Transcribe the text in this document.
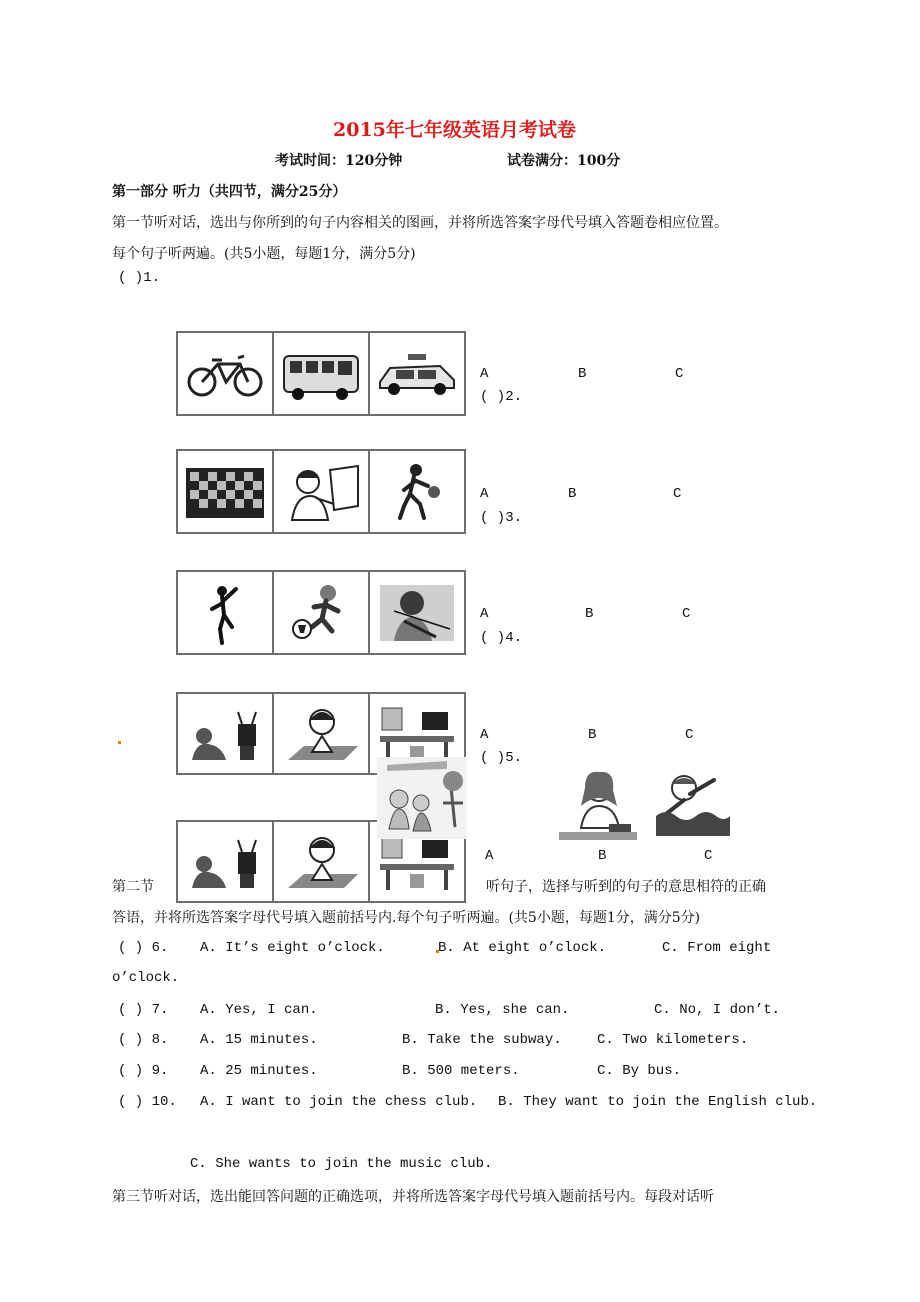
2015年七年级英语月考试卷
考试时间：120分钟	试卷满分：100分
第一部分 听力（共四节，满分25分）
第一节听对话，选出与你所到的句子内容相关的图画，并将所选答案字母代号填入答题卷相应位置。
每个句子听两遍。(共5小题，每题1分，满分5分)
( )1.
A	B	C
( )2.
A	B	C
( )3.
A	B	C
( )4.
A	B	C
( )5.
A	B	C
第二节	听句子，选择与听到的句子的意思相符的正确
答语，并将所选答案字母代号填入题前括号内.每个句子听两遍。(共5小题，每题1分，满分5分)
( ) 6. A. It’s eight o’clock.	B. At eight o’clock.	C. From eight
o’clock.
( ) 7. A. Yes, I can.	B. Yes, she can.	C. No, I don’t.
( ) 8. A. 15 minutes.	B. Take the subway.	C. Two kilometers.
( ) 9. A. 25 minutes.	B. 500 meters.	C. By bus.
( ) 10. A. I want to join the chess club. B. They want to join the English club.
C. She wants to join the music club.
第三节听对话，选出能回答问题的正确选项，并将所选答案字母代号填入题前括号内。每段对话听
